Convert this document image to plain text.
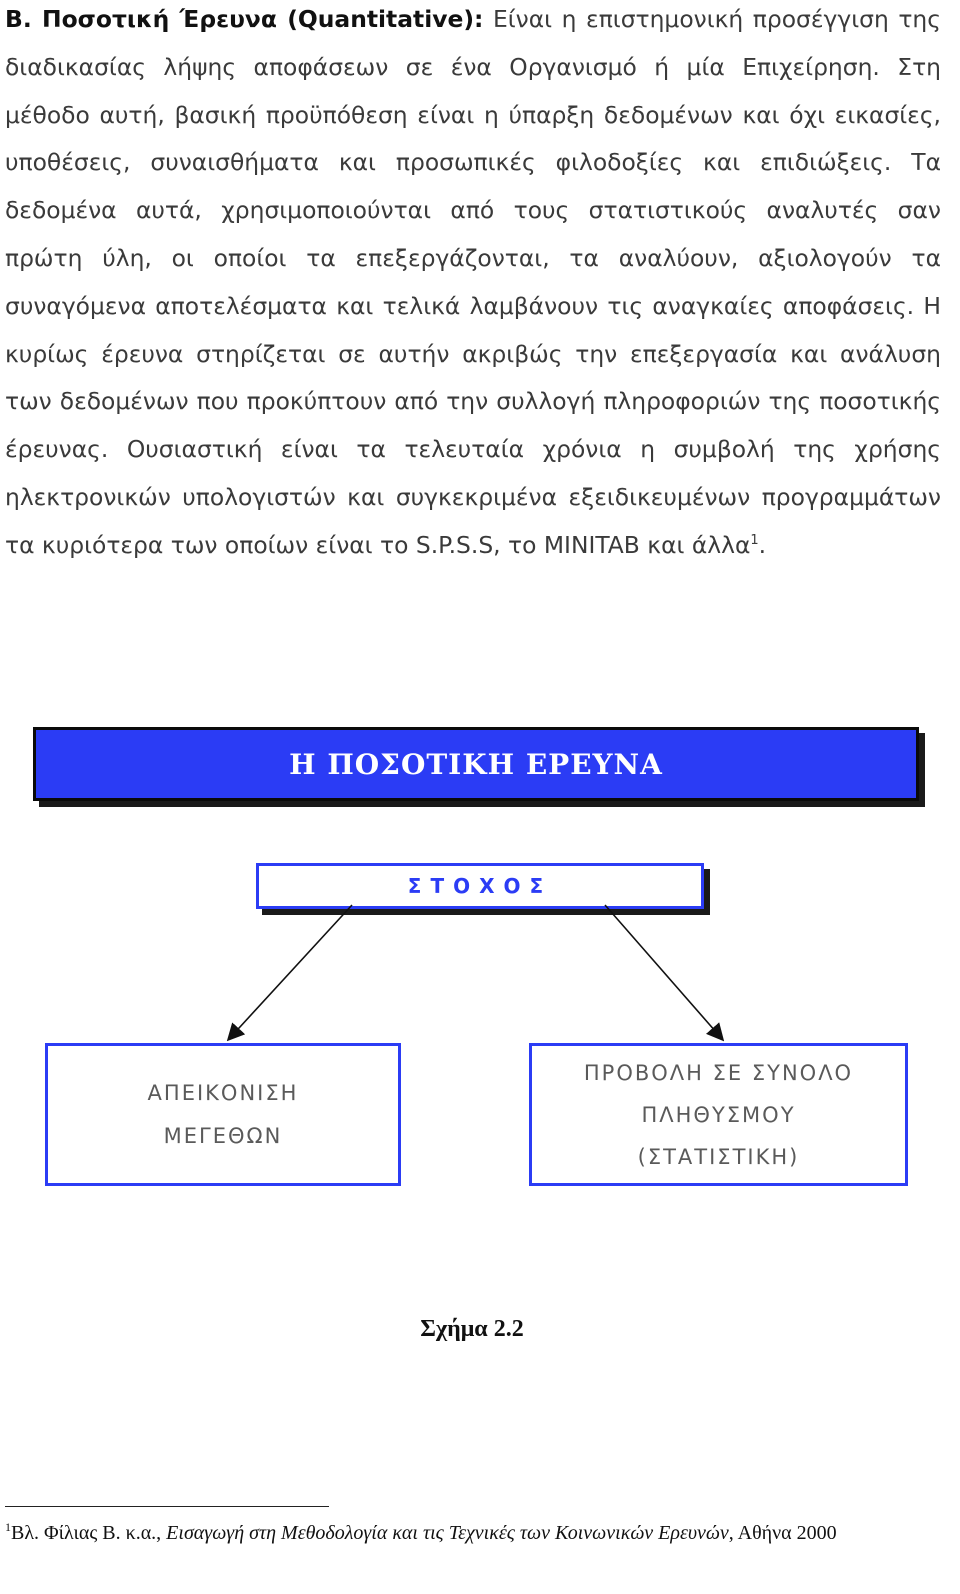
Β. Ποσοτική Έρευνα (Quantitative): Είναι η επιστημονική προσέγγιση της διαδικασίας λήψης αποφάσεων σε ένα Οργανισμό ή μία Επιχείρηση. Στη μέθοδο αυτή, βασική προϋπόθεση είναι η ύπαρξη δεδομένων και όχι εικασίες, υποθέσεις, συναισθήματα και προσωπικές φιλοδοξίες και επιδιώξεις. Τα δεδομένα αυτά, χρησιμοποιούνται από τους στατιστικούς αναλυτές σαν πρώτη ύλη, οι οποίοι τα επεξεργάζονται, τα αναλύουν, αξιολογούν τα συναγόμενα αποτελέσματα και τελικά λαμβάνουν τις αναγκαίες αποφάσεις. Η κυρίως έρευνα στηρίζεται σε αυτήν ακριβώς την επεξεργασία και ανάλυση των δεδομένων που προκύπτουν από την συλλογή πληροφοριών της ποσοτικής έρευνας. Ουσιαστική είναι τα τελευταία χρόνια η συμβολή της χρήσης ηλεκτρονικών υπολογιστών και συγκεκριμένα εξειδικευμένων προγραμμάτων τα κυριότερα των οποίων είναι το S.P.S.S, το MINITAB και άλλα$^1$.
Η ΠΟΣΟΤΙΚΗ ΕΡΕΥΝΑ
ΣΤΟΧΟΣ
ΑΠΕΙΚΟΝΙΣΗ
ΜΕΓΕΘΩΝ
ΠΡΟΒΟΛΗ ΣΕ ΣΥΝΟΛΟ
ΠΛΗΘΥΣΜΟΥ
(ΣΤΑΤΙΣΤΙΚΗ)
Σχήμα 2.2
$^1$Βλ. Φίλιας Β. κ.α., Εισαγωγή στη Μεθοδολογία και τις Τεχνικές των Κοινωνικών Ερευνών, Αθήνα 2000
